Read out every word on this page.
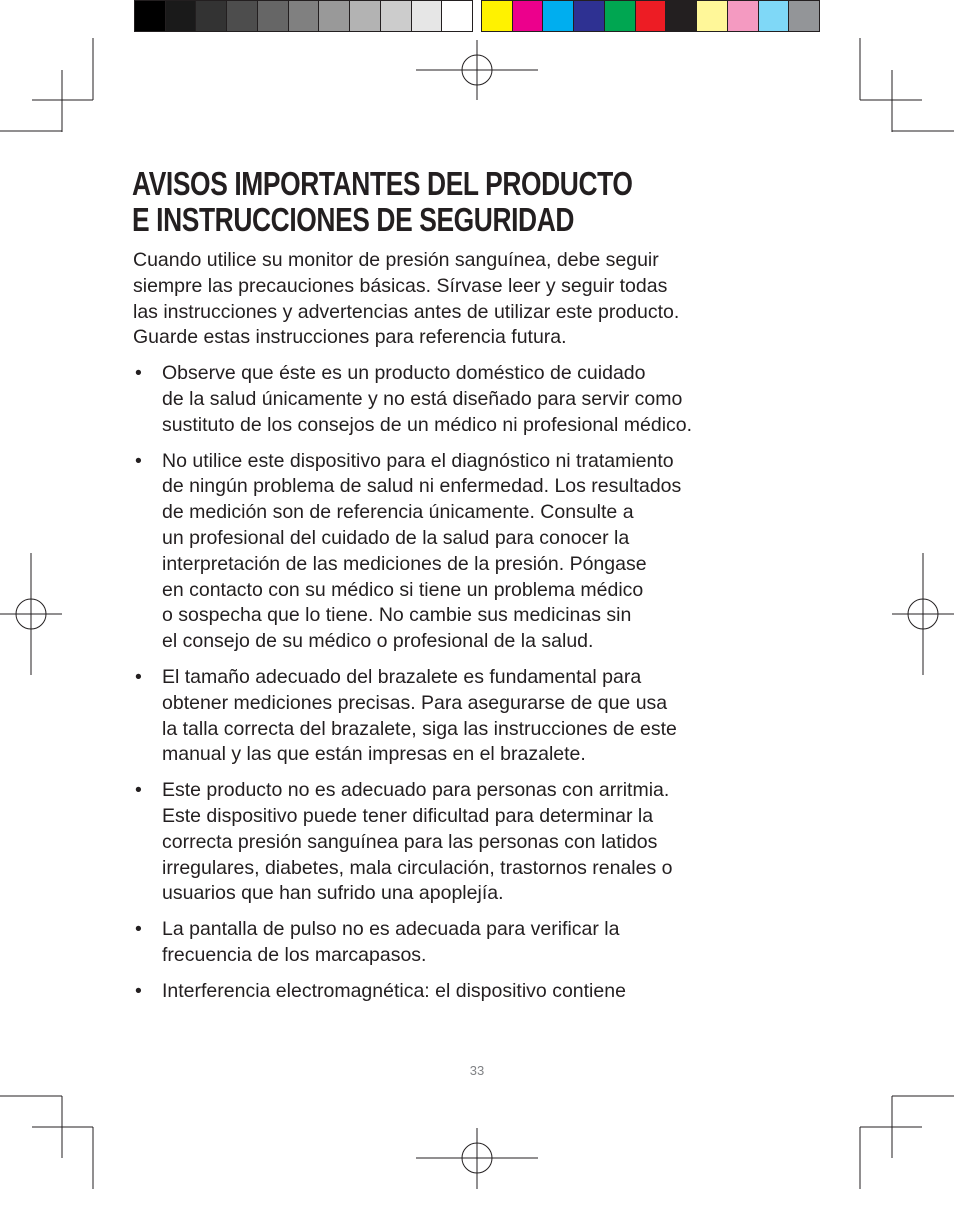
AVISOS IMPORTANTES DEL PRODUCTO
E INSTRUCCIONES DE SEGURIDAD

Cuando utilice su monitor de presión sanguínea, debe seguir
siempre las precauciones básicas. Sírvase leer y seguir todas
las instrucciones y advertencias antes de utilizar este producto.
Guarde estas instrucciones para referencia futura.

• Observe que éste es un producto doméstico de cuidado
de la salud únicamente y no está diseñado para servir como
sustituto de los consejos de un médico ni profesional médico.
• No utilice este dispositivo para el diagnóstico ni tratamiento
de ningún problema de salud ni enfermedad. Los resultados
de medición son de referencia únicamente. Consulte a
un profesional del cuidado de la salud para conocer la
interpretación de las mediciones de la presión. Póngase
en contacto con su médico si tiene un problema médico
o sospecha que lo tiene. No cambie sus medicinas sin
el consejo de su médico o profesional de la salud.
• El tamaño adecuado del brazalete es fundamental para
obtener mediciones precisas. Para asegurarse de que usa
la talla correcta del brazalete, siga las instrucciones de este
manual y las que están impresas en el brazalete.
• Este producto no es adecuado para personas con arritmia.
Este dispositivo puede tener dificultad para determinar la
correcta presión sanguínea para las personas con latidos
irregulares, diabetes, mala circulación, trastornos renales o
usuarios que han sufrido una apoplejía.
• La pantalla de pulso no es adecuada para verificar la
frecuencia de los marcapasos.
• Interferencia electromagnética: el dispositivo contiene
33
